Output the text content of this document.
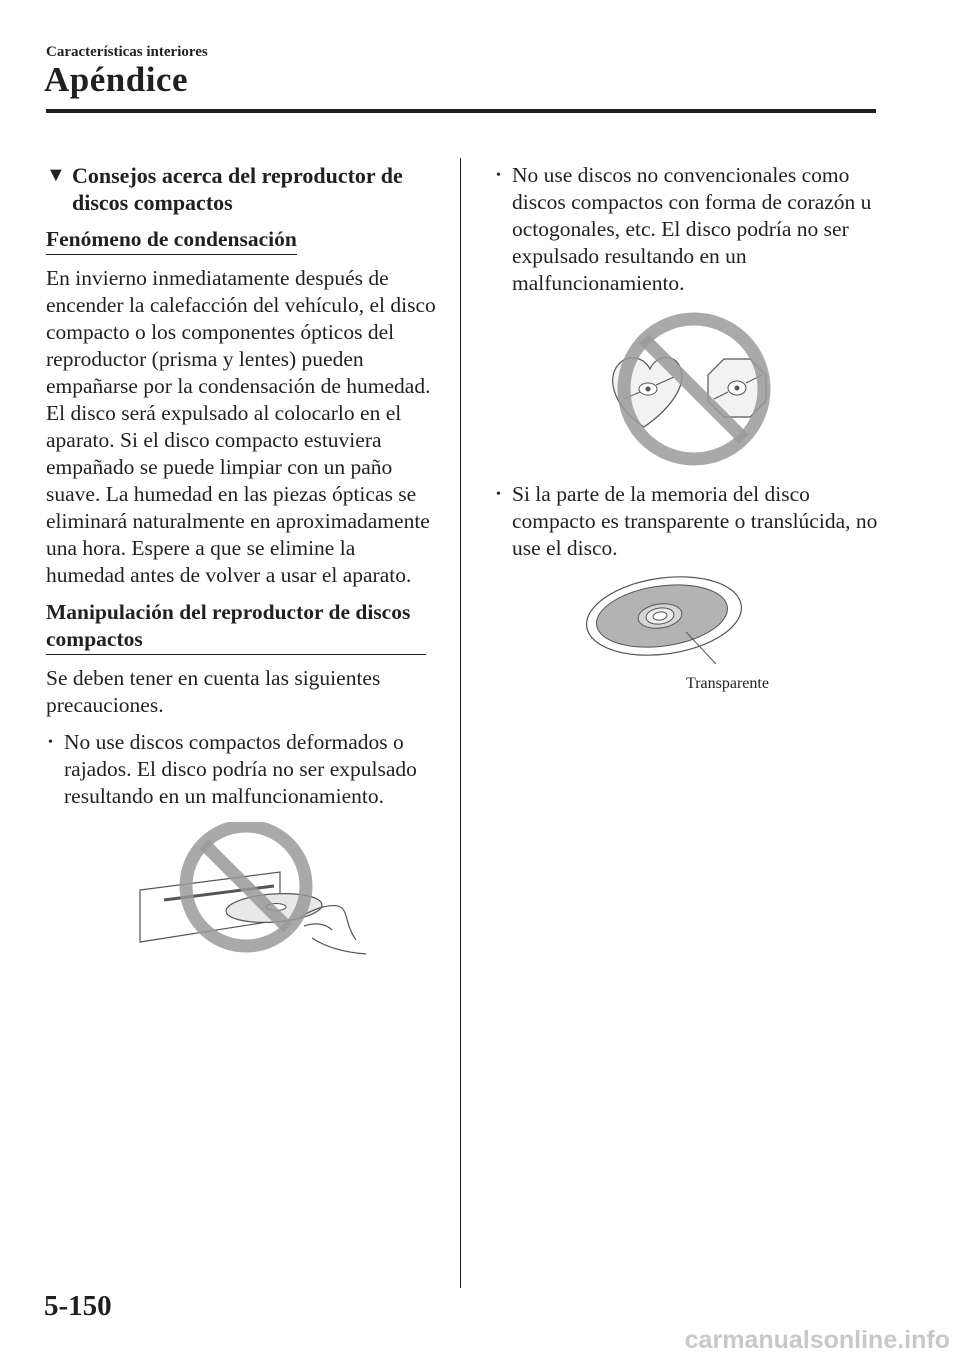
Características interiores
Apéndice
▼ Consejos acerca del reproductor de discos compactos
Fenómeno de condensación

En invierno inmediatamente después de encender la calefacción del vehículo, el disco compacto o los componentes ópticos del reproductor (prisma y lentes) pueden empañarse por la condensación de humedad. El disco será expulsado al colocarlo en el aparato. Si el disco compacto estuviera empañado se puede limpiar con un paño suave. La humedad en las piezas ópticas se eliminará naturalmente en aproximadamente una hora. Espere a que se elimine la humedad antes de volver a usar el aparato.

Manipulación del reproductor de discos compactos

Se deben tener en cuenta las siguientes precauciones.

• No use discos compactos deformados o rajados. El disco podría no ser expulsado resultando en un malfuncionamiento.
• No use discos no convencionales como discos compactos con forma de corazón u octogonales, etc. El disco podría no ser expulsado resultando en un malfuncionamiento.
• Si la parte de la memoria del disco compacto es transparente o translúcida, no use el disco.
Transparente
5-150
carmanualsonline.info
